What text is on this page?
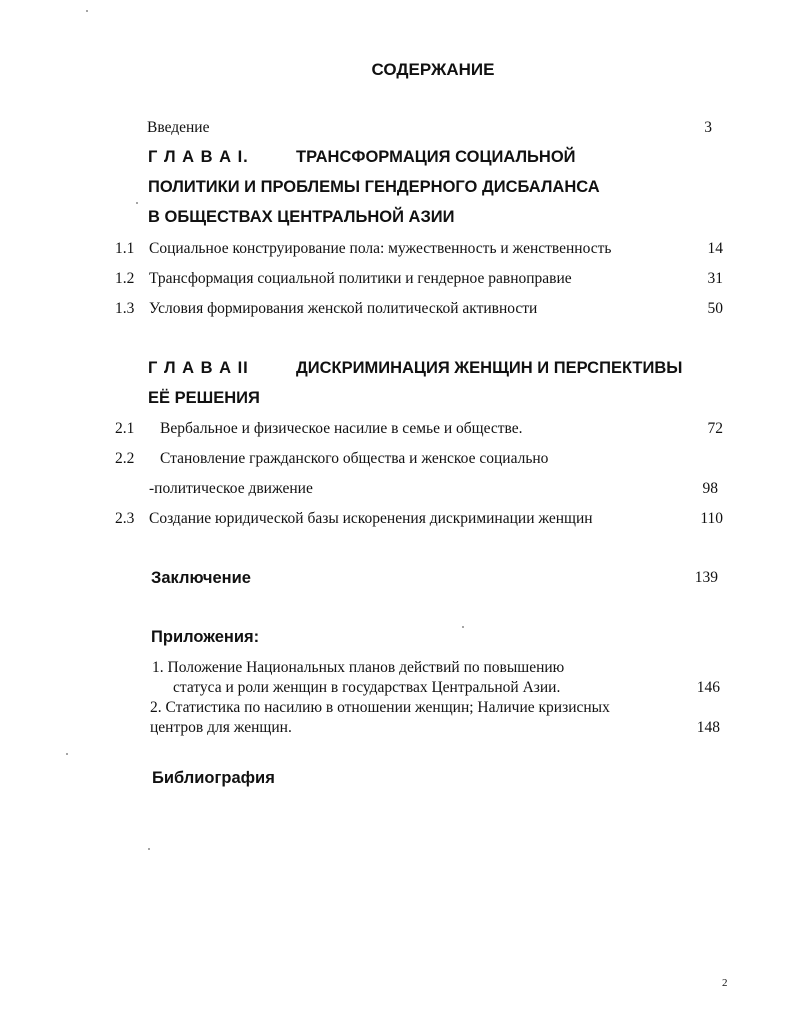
СОДЕРЖАНИЕ
Введение	3
Г Л А В А I.	ТРАНСФОРМАЦИЯ СОЦИАЛЬНОЙ
ПОЛИТИКИ И ПРОБЛЕМЫ ГЕНДЕРНОГО ДИСБАЛАНСА
В ОБЩЕСТВАХ ЦЕНТРАЛЬНОЙ АЗИИ
1.1 Социальное конструирование пола: мужественность и женственность	14
1.2 Трансформация социальной политики и гендерное равноправие	31
1.3 Условия формирования женской политической активности	50
Г Л А В А II	ДИСКРИМИНАЦИЯ ЖЕНЩИН И ПЕРСПЕКТИВЫ
ЕЁ РЕШЕНИЯ
2.1 Вербальное и физическое насилие в семье и обществе.	72
2.2 Становление гражданского общества и женское социально
-политическое движение	98
2.3 Создание юридической базы искоренения дискриминации женщин	110
Заключение	139
Приложения:
1. Положение Национальных планов действий по повышению
статуса и роли женщин в государствах Центральной Азии.	146
2. Статистика по насилию в отношении женщин; Наличие кризисных
центров для женщин.	148
Библиография
2
